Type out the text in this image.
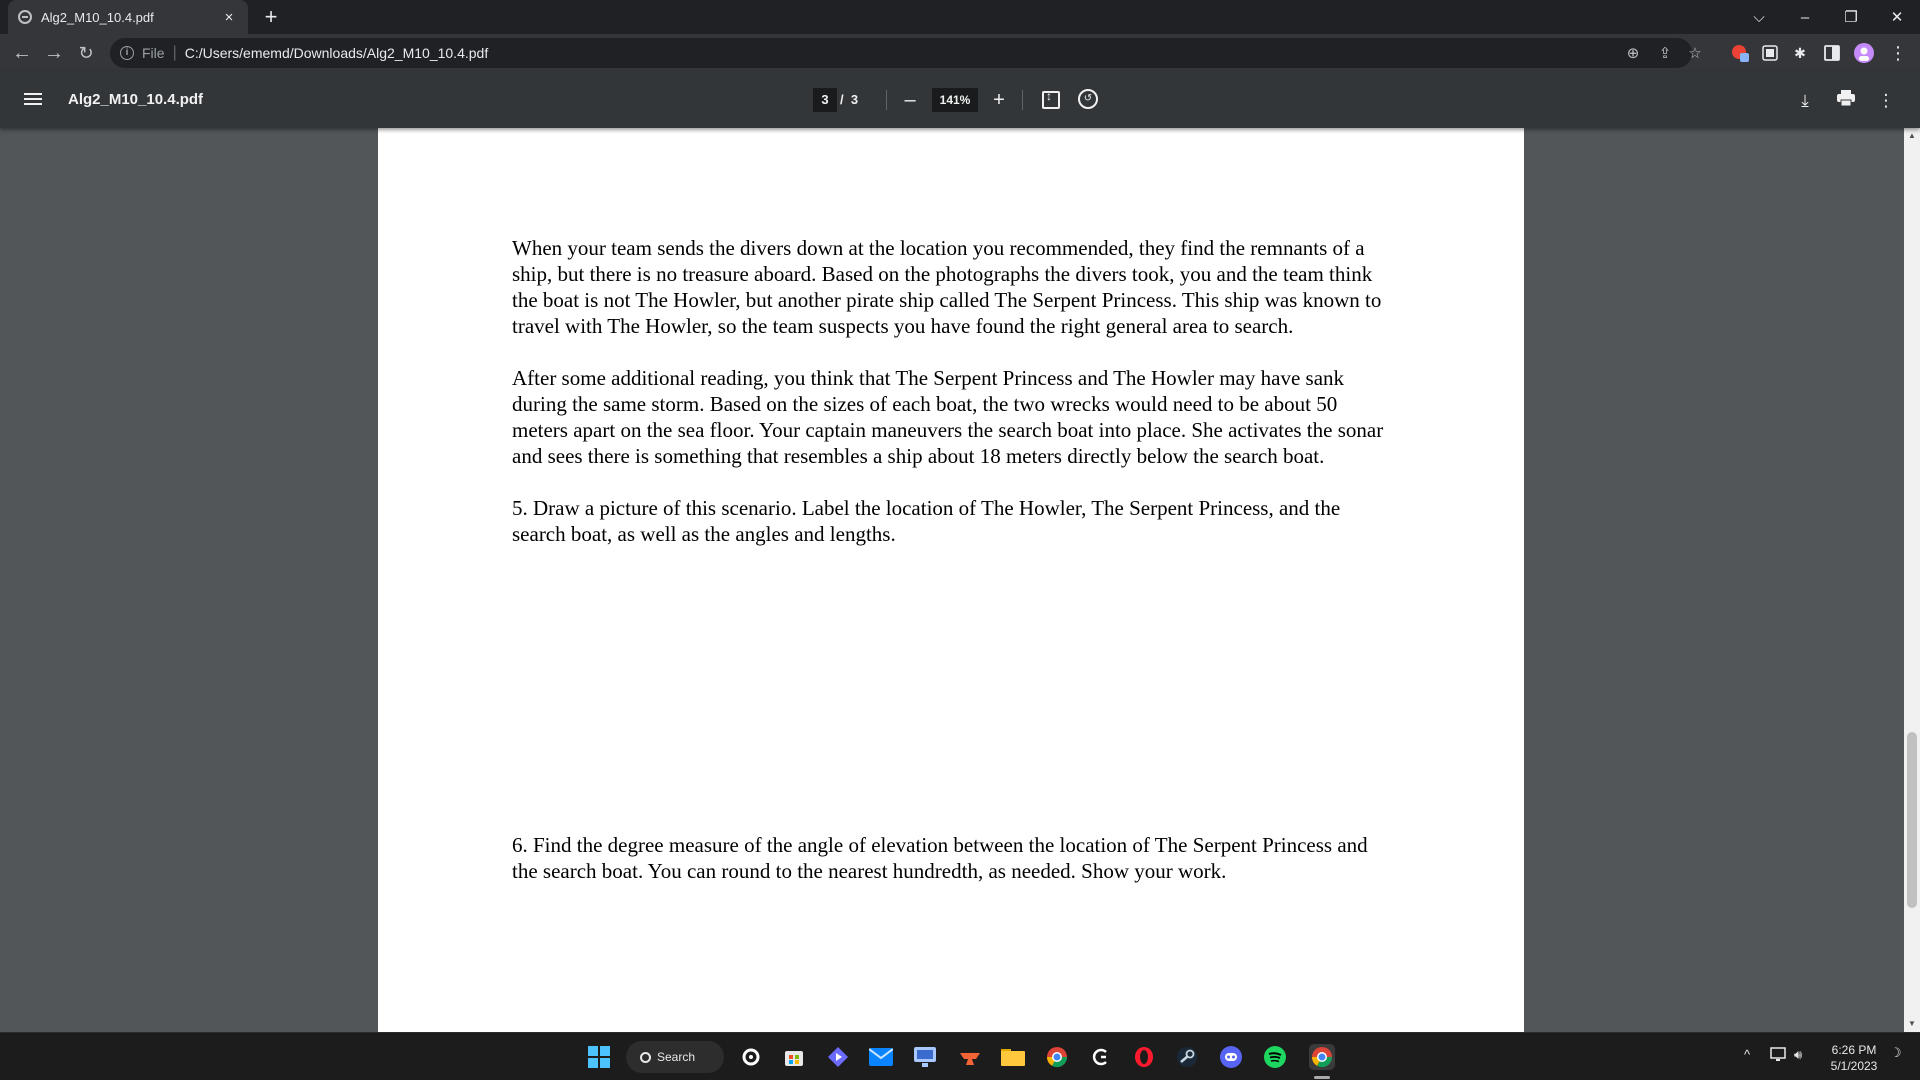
Alg2_M10_10.4.pdf	× +	⌵	–	❐	✕
← → ↻	i File | C:/Users/ememd/Downloads/Alg2_M10_10.4.pdf	⊕ ⇪ ☆	✱	⋮
Alg2_M10_10.4.pdf	3 / 3	–	141%	+
↕	↺	⤓	⋮

When your team sends the divers down at the location you recommended, they find the remnants of a ship, but there is no treasure aboard. Based on the photographs the divers took, you and the team think the boat is not The Howler, but another pirate ship called The Serpent Princess. This ship was known to travel with The Howler, so the team suspects you have found the right general area to search.

After some additional reading, you think that The Serpent Princess and The Howler may have sank during the same storm. Based on the sizes of each boat, the two wrecks would need to be about 50 meters apart on the sea floor. Your captain maneuvers the search boat into place. She activates the sonar and sees there is something that resembles a ship about 18 meters directly below the search boat.

5. Draw a picture of this scenario. Label the location of The Howler, The Serpent Princess, and the search boat, as well as the angles and lengths.

6. Find the degree measure of the angle of elevation between the location of The Serpent Princess and the search boat. You can round to the nearest hundredth, as needed. Show your work.

▲
▼
Search	^	🔊︎	6:26 PM
5/1/2023
☽
